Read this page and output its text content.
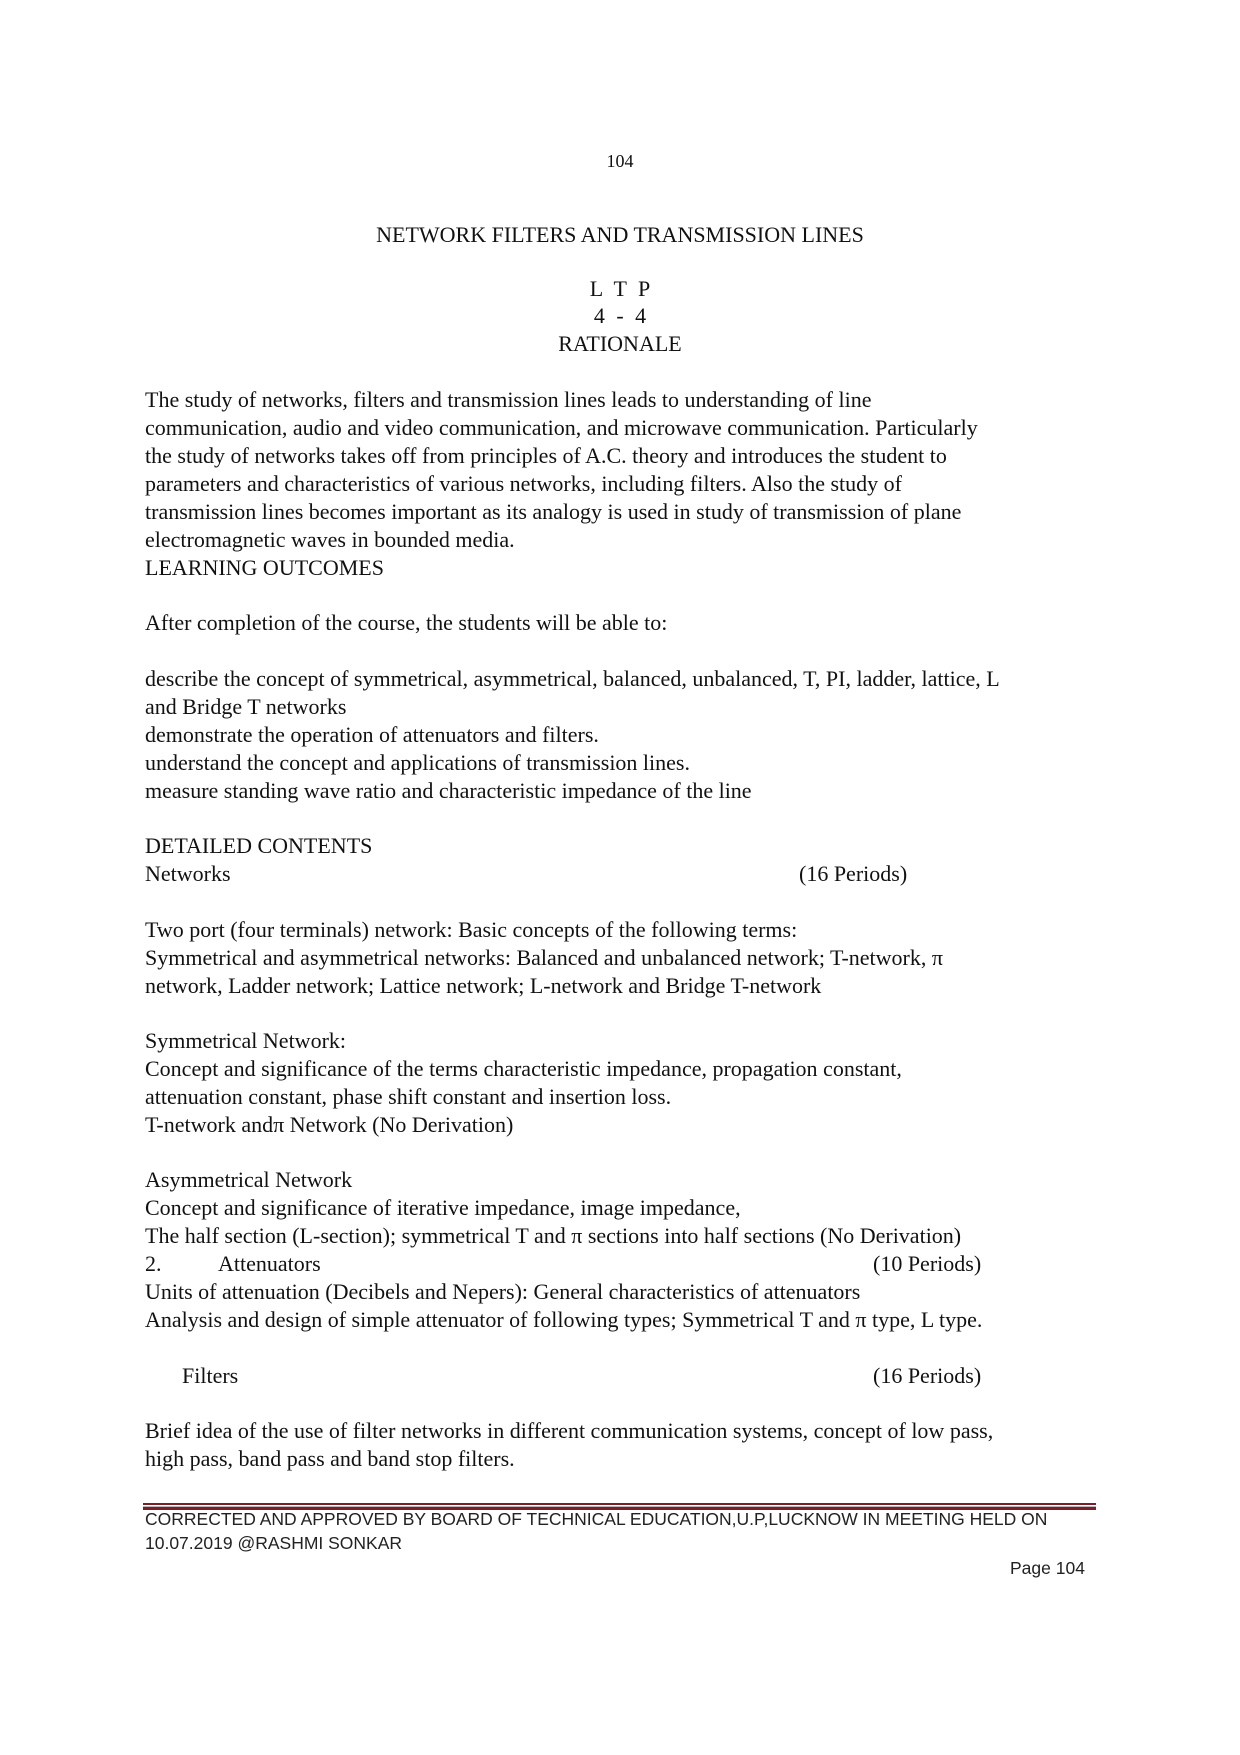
104
NETWORK FILTERS AND TRANSMISSION LINES
L T P
4 - 4
RATIONALE
The study of networks, filters and transmission lines leads to understanding of line
communication, audio and video communication, and microwave communication. Particularly
the study of networks takes off from principles of A.C. theory and introduces the student to
parameters and characteristics of various networks, including filters. Also the study of
transmission lines becomes important as its analogy is used in study of transmission of plane
electromagnetic waves in bounded media.
LEARNING OUTCOMES
After completion of the course, the students will be able to:
describe the concept of symmetrical, asymmetrical, balanced, unbalanced, T, PI, ladder, lattice, L
and Bridge T networks
demonstrate the operation of attenuators and filters.
understand the concept and applications of transmission lines.
measure standing wave ratio and characteristic impedance of the line
DETAILED CONTENTS
Networks	(16 Periods)
Two port (four terminals) network: Basic concepts of the following terms:
Symmetrical and asymmetrical networks: Balanced and unbalanced network; T-network, π
network, Ladder network; Lattice network; L-network and Bridge T-network
Symmetrical Network:
Concept and significance of the terms characteristic impedance, propagation constant,
attenuation constant, phase shift constant and insertion loss.
T-network andπ Network (No Derivation)
Asymmetrical Network
Concept and significance of iterative impedance, image impedance,
The half section (L-section); symmetrical T and π sections into half sections (No Derivation)
2.	Attenuators	(10 Periods)
Units of attenuation (Decibels and Nepers): General characteristics of attenuators
Analysis and design of simple attenuator of following types; Symmetrical T and π type, L type.
Filters	(16 Periods)
Brief idea of the use of filter networks in different communication systems, concept of low pass,
high pass, band pass and band stop filters.
CORRECTED AND APPROVED BY BOARD OF TECHNICAL EDUCATION,U.P,LUCKNOW IN MEETING HELD ON
10.07.2019 @RASHMI SONKAR
Page 104
